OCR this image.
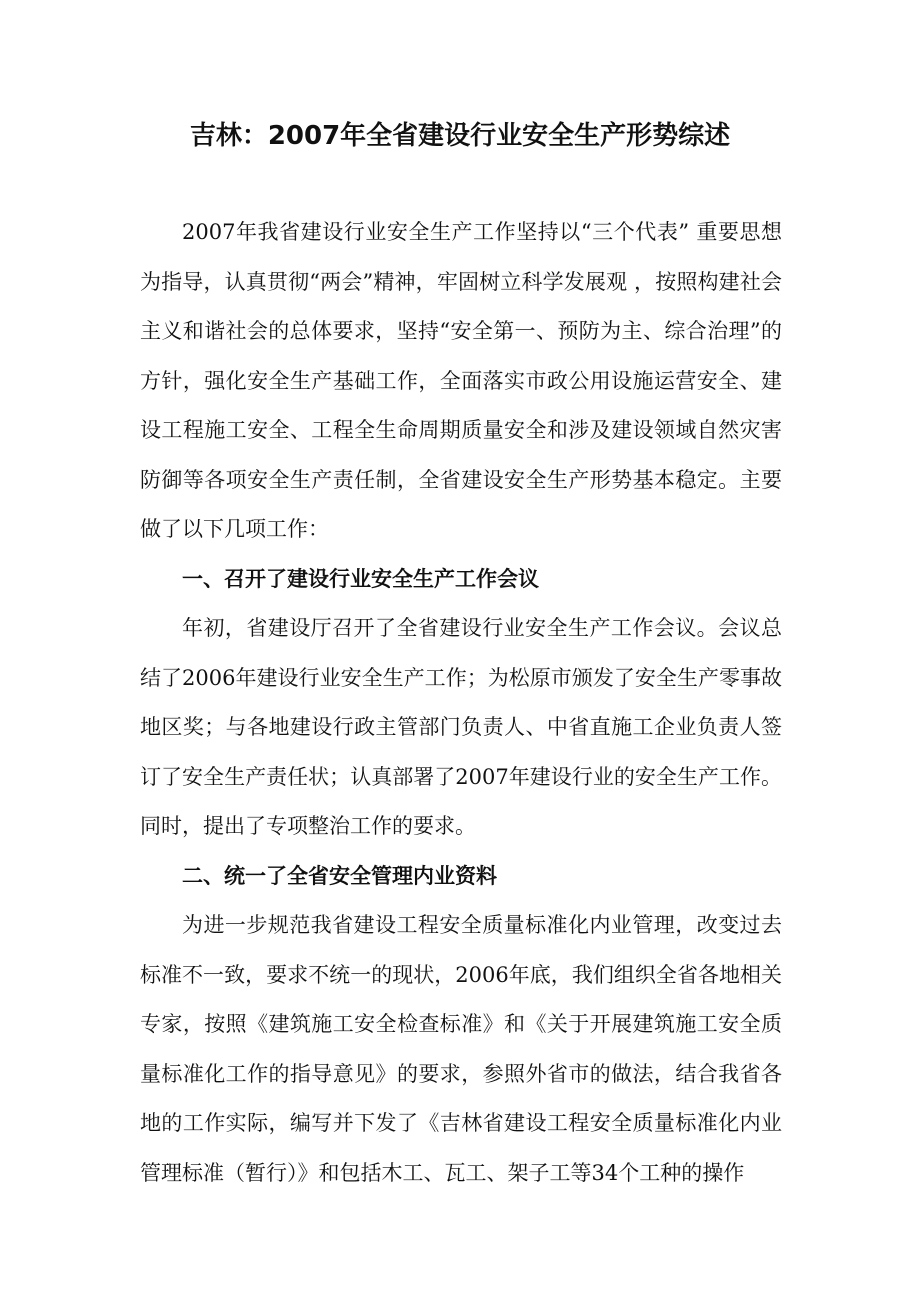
吉林：2007年全省建设行业安全生产形势综述

2007年我省建设行业安全生产工作坚持以“三个代表” 重要思想为指导，认真贯彻“两会”精神，牢固树立科学发展观 ，按照构建社会主义和谐社会的总体要求，坚持“安全第一、预防为主、综合治理”的方针，强化安全生产基础工作，全面落实市政公用设施运营安全、建设工程施工安全、工程全生命周期质量安全和涉及建设领域自然灾害防御等各项安全生产责任制，全省建设安全生产形势基本稳定。主要做了以下几项工作：

一、召开了建设行业安全生产工作会议

年初，省建设厅召开了全省建设行业安全生产工作会议。会议总结了2006年建设行业安全生产工作；为松原市颁发了安全生产零事故地区奖；与各地建设行政主管部门负责人、中省直施工企业负责人签订了安全生产责任状；认真部署了2007年建设行业的安全生产工作。同时，提出了专项整治工作的要求。

二、统一了全省安全管理内业资料

为进一步规范我省建设工程安全质量标准化内业管理，改变过去标准不一致，要求不统一的现状，2006年底，我们组织全省各地相关专家，按照《建筑施工安全检查标准》和《关于开展建筑施工安全质量标准化工作的指导意见》的要求，参照外省市的做法，结合我省各地的工作实际，编写并下发了《吉林省建设工程安全质量标准化内业管理标准（暂行）》和包括木工、瓦工、架子工等34个工种的操作
